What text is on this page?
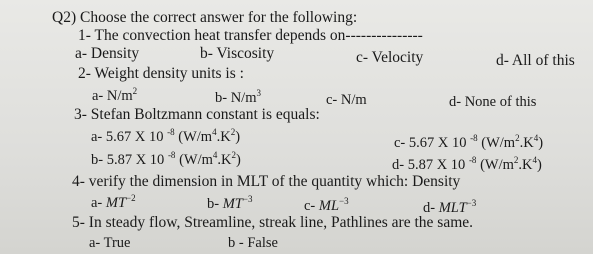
Q2) Choose the correct answer for the following:
1- The convection heat transfer depends on---------------
a- Density	b- Viscosity	c- Velocity	d- All of this
2- Weight density units is :
a- $N/m^2$	b- $N/m^3$	c- N/m	d- None of this
3- Stefan Boltzmann constant is equals:
a- 5.67 X 10 $^{-8}$ $(W/m^4.K^2)$	c- 5.67 X 10 $^{-8}$ $(W/m^2.K^4)$
b- 5.87 X 10 $^{-8}$ $(W/m^4.K^2)$	d- 5.87 X 10 $^{-8}$ $(W/m^2.K^4)$
4- verify the dimension in MLT of the quantity which: Density
a- $MT^{-2}$	b- $MT^{-3}$	c- $ML^{-3}$	d- $MLT^{-3}$
5- In steady flow, Streamline, streak line, Pathlines are the same.
a- True	b - False
